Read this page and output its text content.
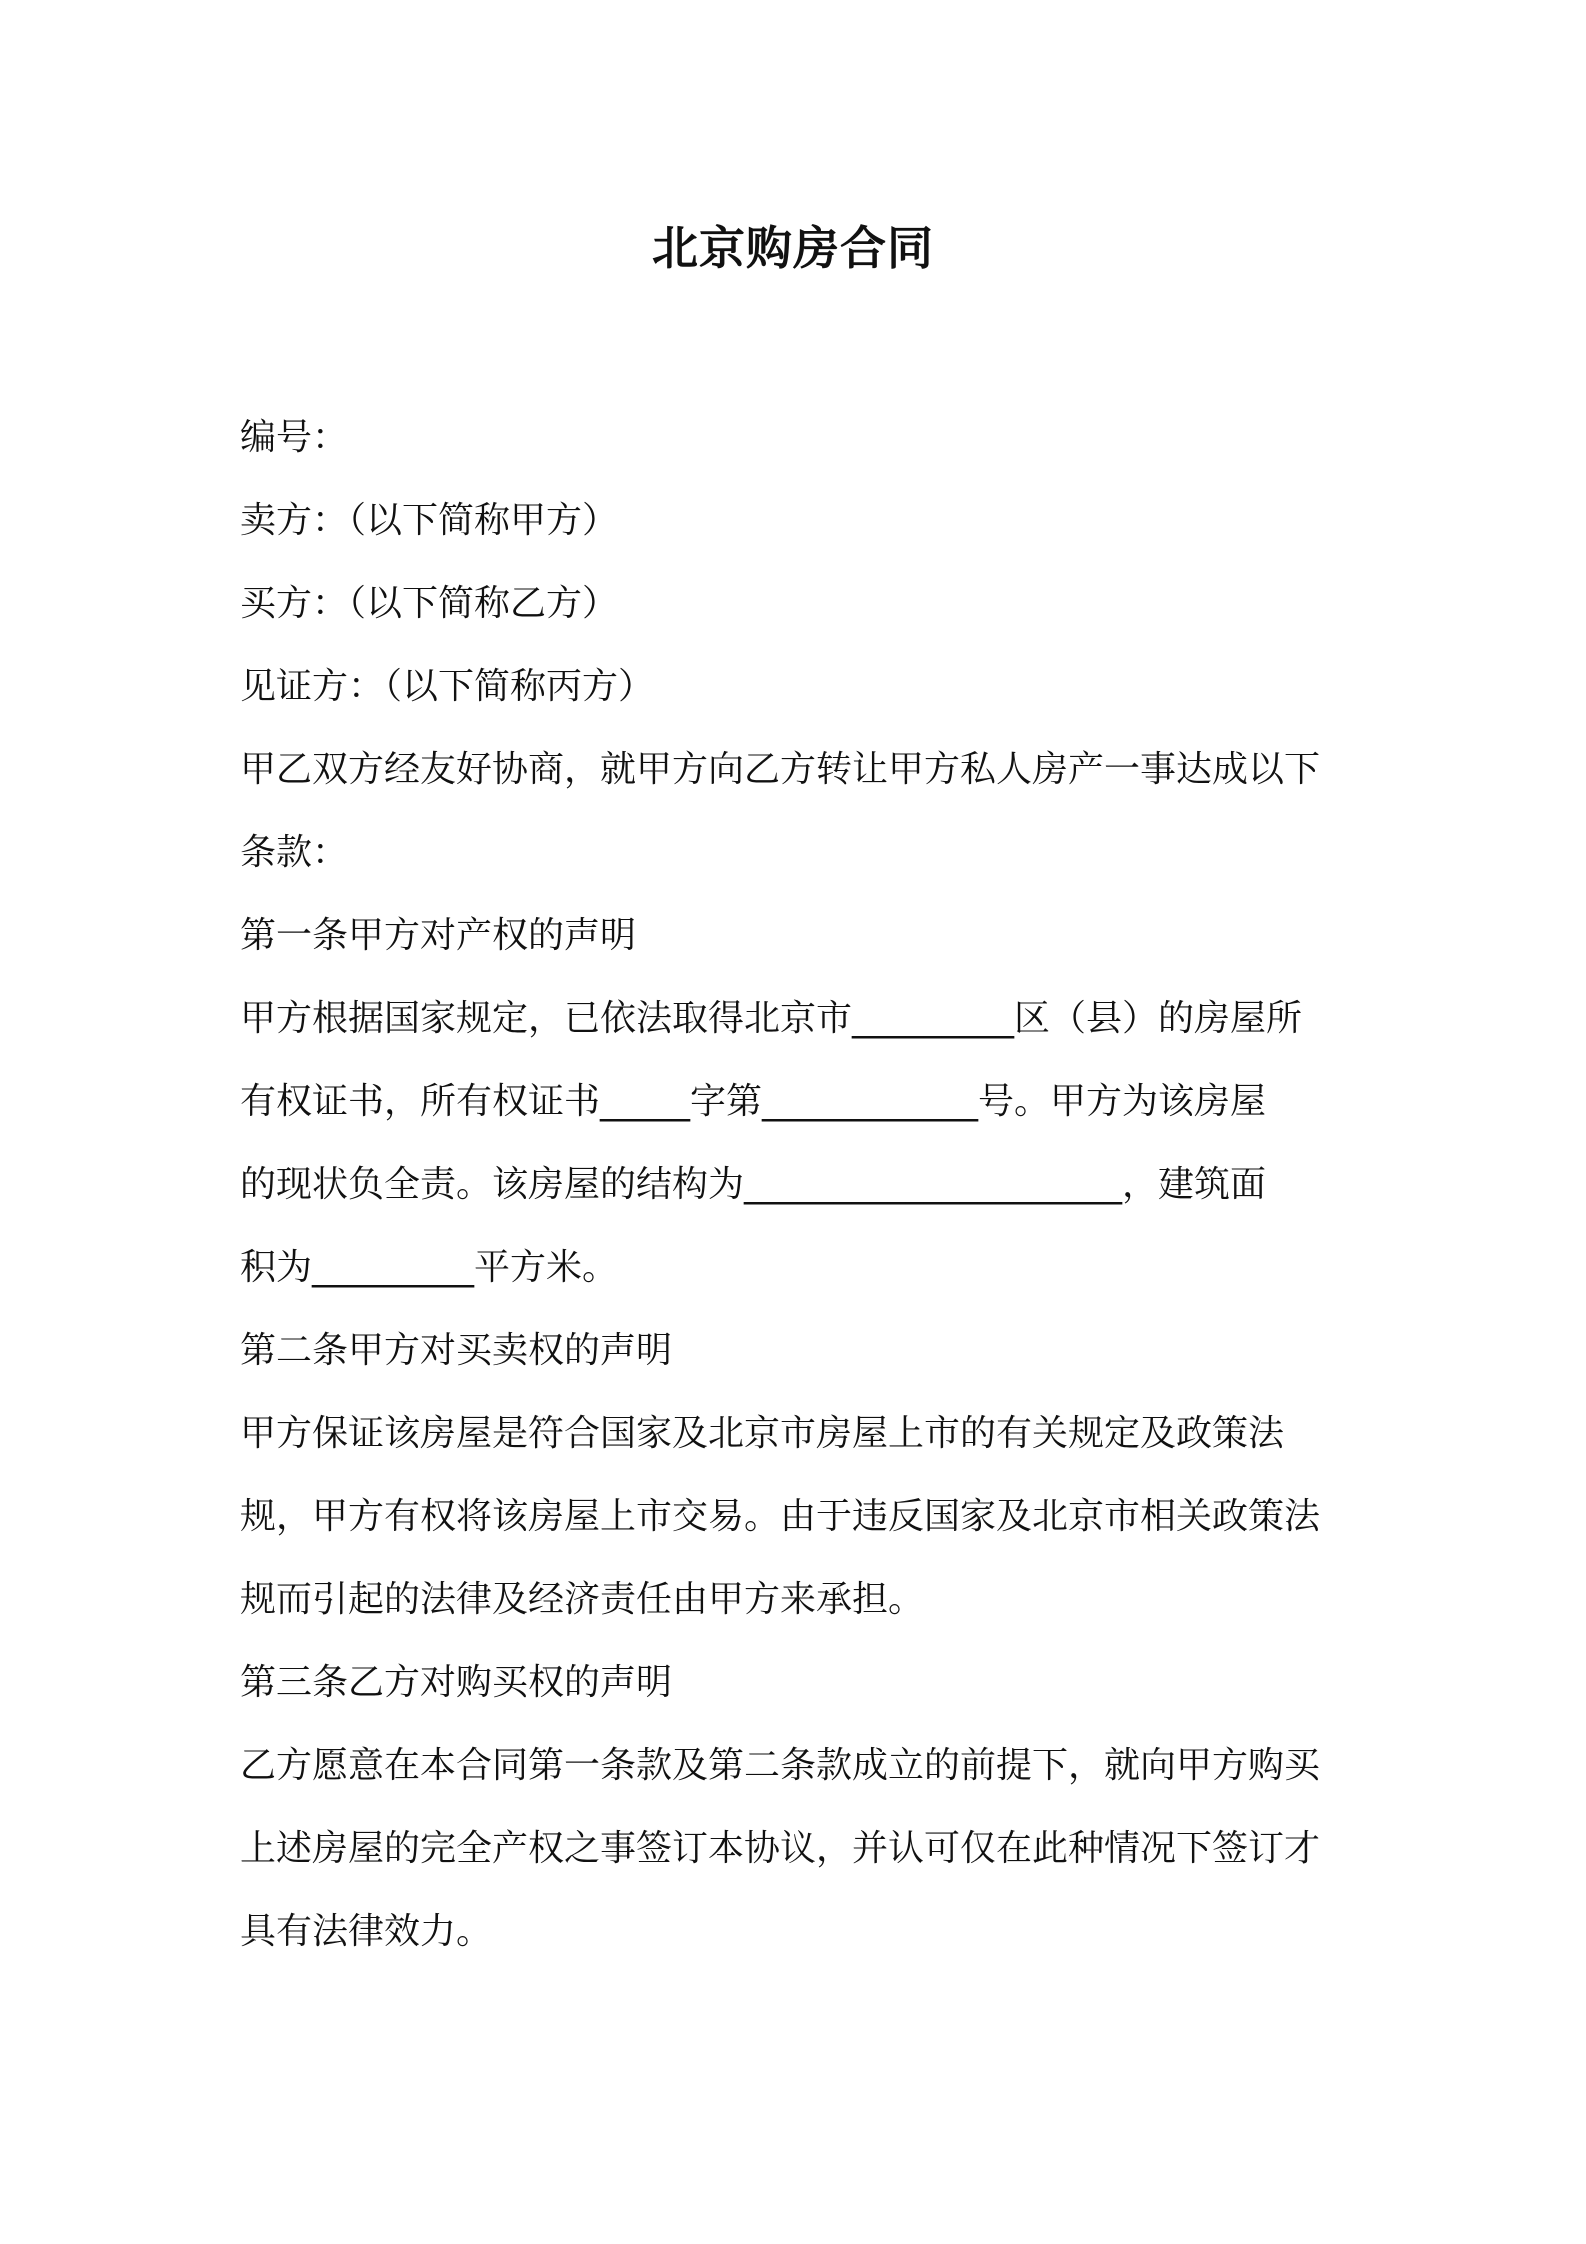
北京购房合同

编号：

卖方：（以下简称甲方）

买方：（以下简称乙方）

见证方：（以下简称丙方）

甲乙双方经友好协商，就甲方向乙方转让甲方私人房产一事达成以下

条款：

第一条甲方对产权的声明

甲方根据国家规定，已依法取得北京市_________区（县）的房屋所

有权证书，所有权证书_____字第____________号。甲方为该房屋

的现状负全责。该房屋的结构为_____________________，建筑面

积为_________平方米。

第二条甲方对买卖权的声明

甲方保证该房屋是符合国家及北京市房屋上市的有关规定及政策法

规，甲方有权将该房屋上市交易。由于违反国家及北京市相关政策法

规而引起的法律及经济责任由甲方来承担。

第三条乙方对购买权的声明

乙方愿意在本合同第一条款及第二条款成立的前提下，就向甲方购买

上述房屋的完全产权之事签订本协议，并认可仅在此种情况下签订才

具有法律效力。
